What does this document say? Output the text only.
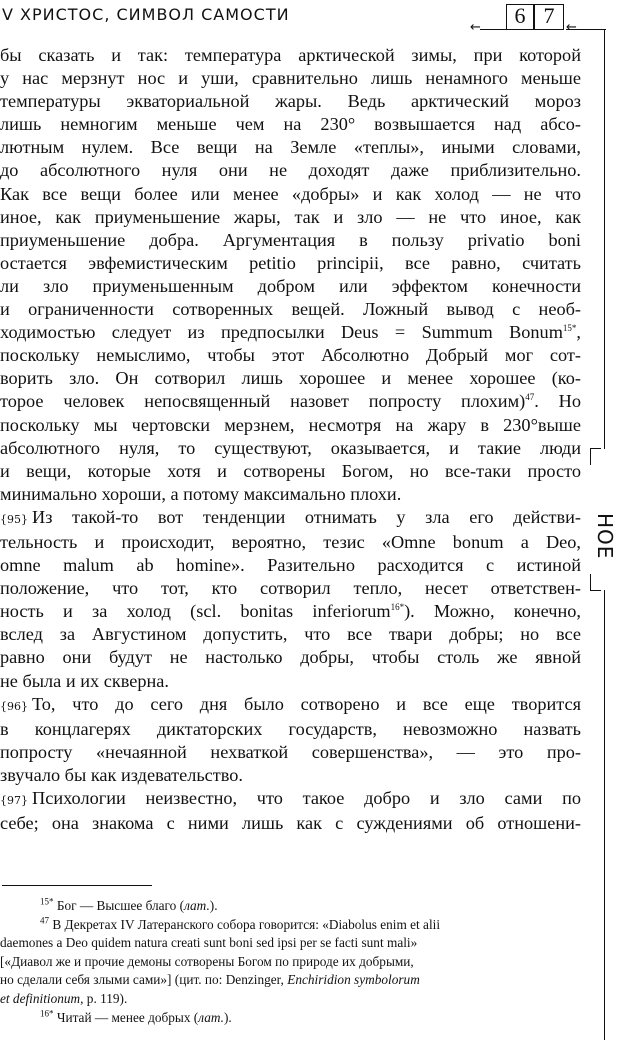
V ХРИСТОС, СИМВОЛ САМОСТИ
←	6 7 ←
НОЕ
бы сказать и так: температура арктической зимы, при которой
у нас мерзнут нос и уши, сравнительно лишь ненамного меньше
температуры экваториальной жары. Ведь арктический мороз
лишь немногим меньше чем на 230° возвышается над абсо-
лютным нулем. Все вещи на Земле «теплы», иными словами,
до абсолютного нуля они не доходят даже приблизительно.
Как все вещи более или менее «добры» и как холод — не что
иное, как приуменьшение жары, так и зло — не что иное, как
приуменьшение добра. Аргументация в пользу privatio boni
остается эвфемистическим petitio principii, все равно, считать
ли зло приуменьшенным добром или эффектом конечности
и ограниченности сотворенных вещей. Ложный вывод с необ-
ходимостью следует из предпосылки Deus = Summum Bonum$^{15*}$,
поскольку немыслимо, чтобы этот Абсолютно Добрый мог сот-
ворить зло. Он сотворил лишь хорошее и менее хорошее (ко-
торое человек непосвященный назовет попросту плохим)$^{47}$. Но
поскольку мы чертовски мерзнем, несмотря на жару в 230°выше
абсолютного нуля, то существуют, оказывается, и такие люди
и вещи, которые хотя и сотворены Богом, но все-таки просто
минимально хороши, а потому максимально плохи.
{95} Из такой-то вот тенденции отнимать у зла его действи-
тельность и происходит, вероятно, тезис «Omne bonum a Deo,
omne malum ab homine». Разительно расходится с истиной
положение, что тот, кто сотворил тепло, несет ответствен-
ность и за холод (scl. bonitas inferiorum$^{16*}$). Можно, конечно,
вслед за Августином допустить, что все твари добры; но все
равно они будут не настолько добры, чтобы столь же явной
не была и их скверна.
{96} То, что до сего дня было сотворено и все еще творится
в концлагерях диктаторских государств, невозможно назвать
попросту «нечаянной нехваткой совершенства», — это про-
звучало бы как издевательство.
{97} Психологии неизвестно, что такое добро и зло сами по
себе; она знакома с ними лишь как с суждениями об отношени-
$^{15*}$ Бог — Высшее благо (лат.).
$^{47}$ В Декретах IV Латеранского собора говорится: «Diabolus enim et alii
daemones a Deo quidem natura creati sunt boni sed ipsi per se facti sunt mali»
[«Диавол же и прочие демоны сотворены Богом по природе их добрыми,
но сделали себя злыми сами»] (цит. по: Denzinger, Enchiridion symbolorum
et definitionum, p. 119).
$^{16*}$ Читай — менее добрых (лат.).
